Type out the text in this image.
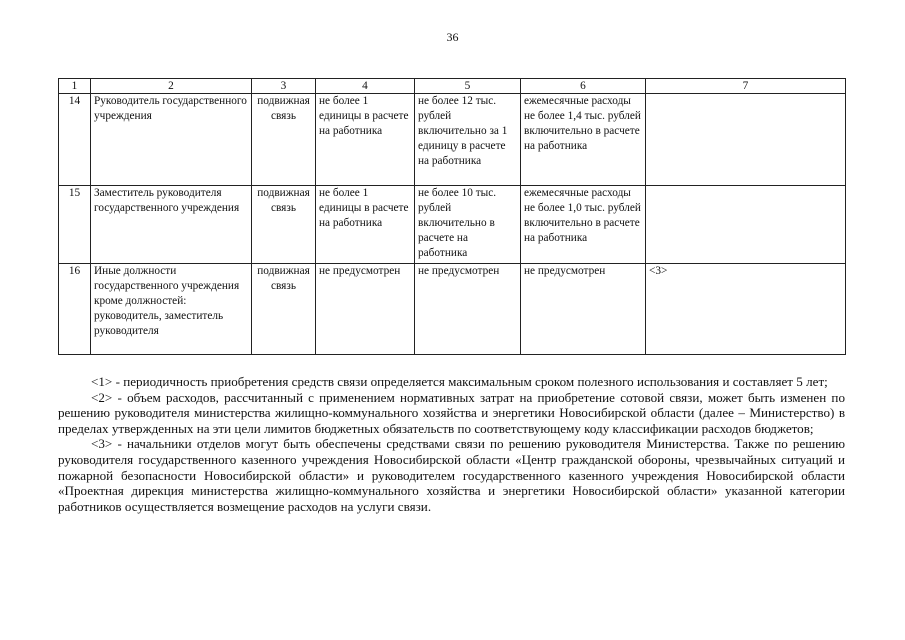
36
1	2	3	4	5	6	7
14	Руководитель государственного учреждения	подвижная связь	не более 1 единицы в расчете на работника	не более 12 тыс. рублей включительно за 1 единицу в расчете на работника	ежемесячные расходы не более 1,4 тыс. рублей включительно в расчете на работника	
15	Заместитель руководителя государственного учреждения	подвижная связь	не более 1 единицы в расчете на работника	не более 10 тыс. рублей включительно в расчете на работника	ежемесячные расходы не более 1,0 тыс. рублей включительно в расчете на работника	
16	Иные должности государственного учреждения кроме должностей: руководитель, заместитель руководителя	подвижная связь	не предусмотрен	не предусмотрен	не предусмотрен	<3>

<1> - периодичность приобретения средств связи определяется максимальным сроком полезного использования и составляет 5 лет;

<2> - объем расходов, рассчитанный с применением нормативных затрат на приобретение сотовой связи, может быть изменен по решению руководителя министерства жилищно-коммунального хозяйства и энергетики Новосибирской области (далее – Министерство) в пределах утвержденных на эти цели лимитов бюджетных обязательств по соответствующему коду классификации расходов бюджетов;

<3> - начальники отделов могут быть обеспечены средствами связи по решению руководителя Министерства. Также по решению руководителя государственного казенного учреждения Новосибирской области «Центр гражданской обороны, чрезвычайных ситуаций и пожарной безопасности Новосибирской области» и руководителем государственного казенного учреждения Новосибирской области «Проектная дирекция министерства жилищно-коммунального хозяйства и энергетики Новосибирской области» указанной категории работников осуществляется возмещение расходов на услуги связи.
